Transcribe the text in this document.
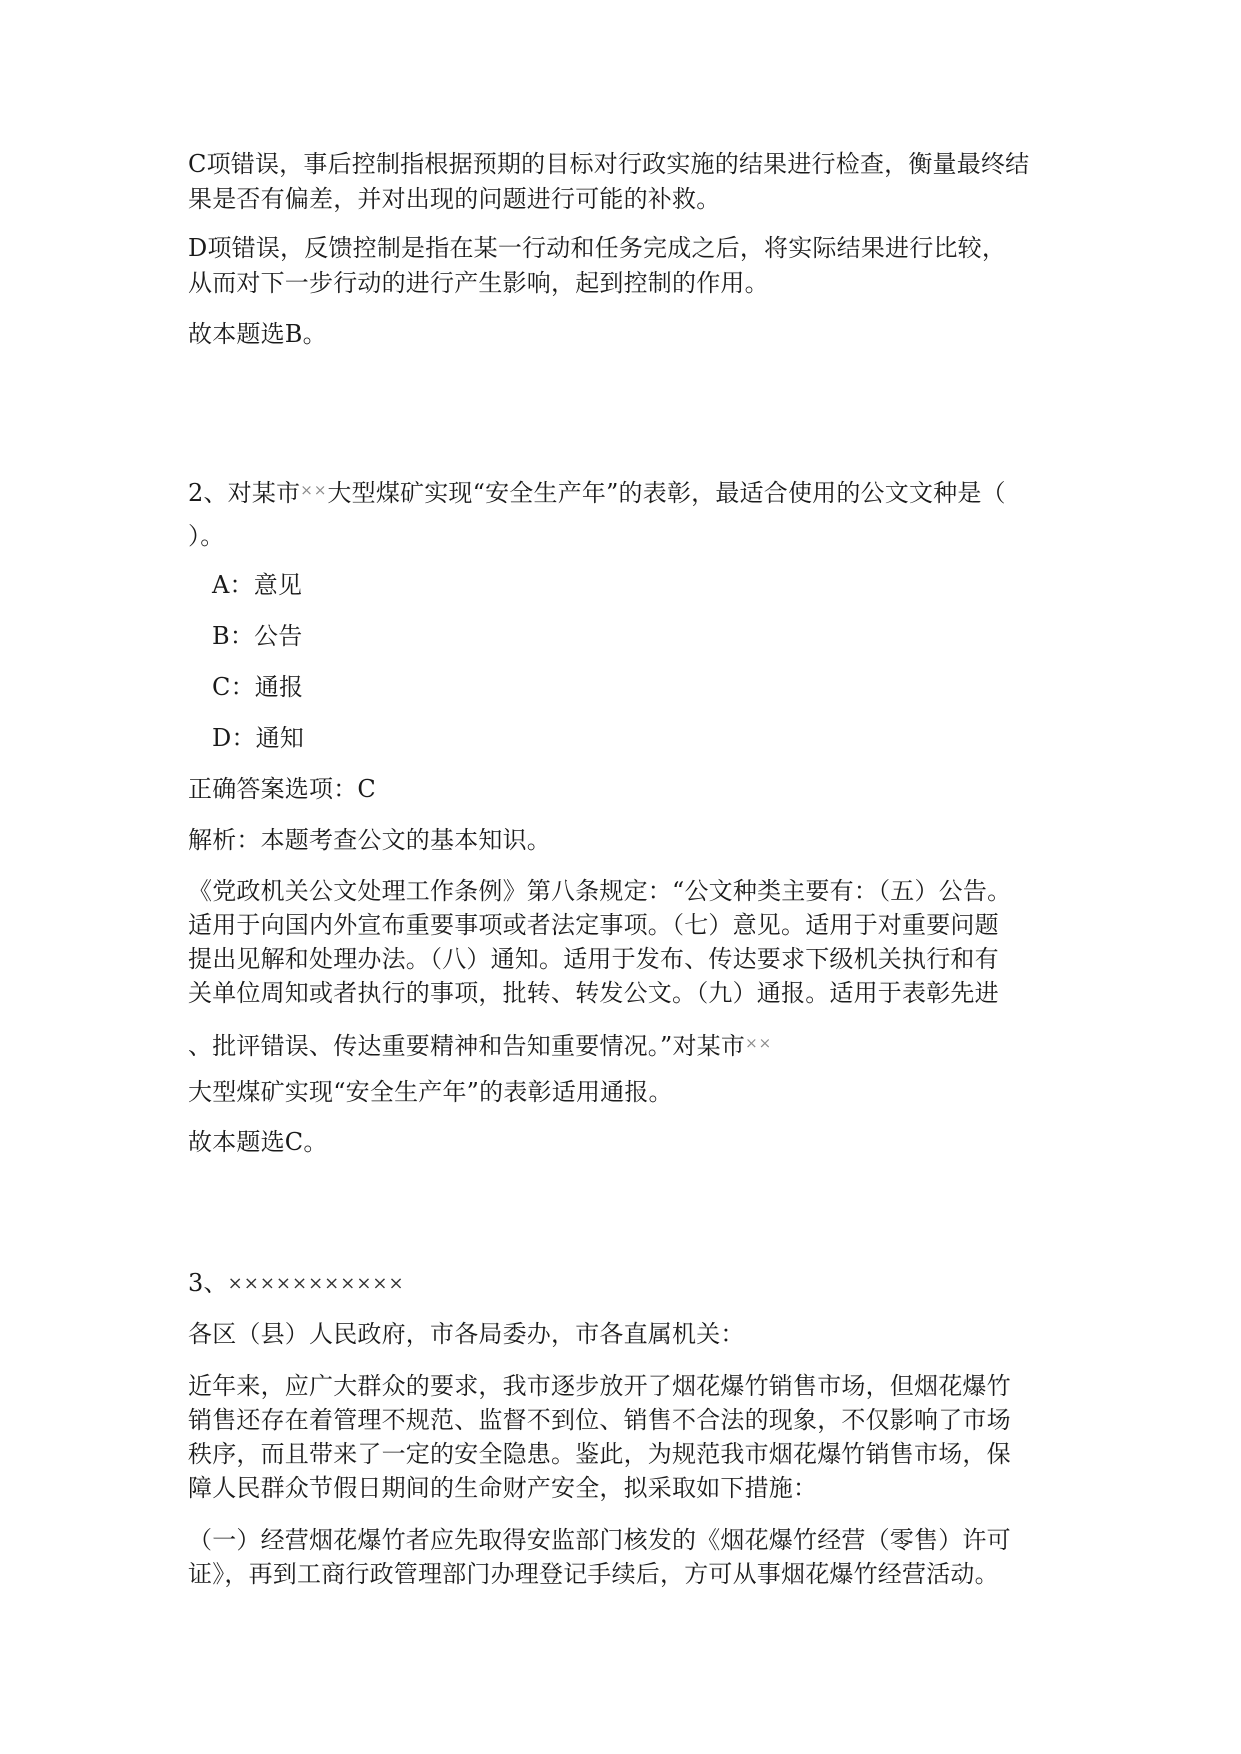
C项错误，事后控制指根据预期的目标对行政实施的结果进行检查，衡量最终结
果是否有偏差，并对出现的问题进行可能的补救。
D项错误，反馈控制是指在某一行动和任务完成之后，将实际结果进行比较，
从而对下一步行动的进行产生影响，起到控制的作用。
故本题选B。
2、对某市××大型煤矿实现“安全生产年”的表彰，最适合使用的公文文种是（
）。
A：意见
B：公告
C：通报
D：通知
正确答案选项：C
解析：本题考查公文的基本知识。
《党政机关公文处理工作条例》第八条规定：“公文种类主要有：（五）公告。
适用于向国内外宣布重要事项或者法定事项。（七）意见。适用于对重要问题
提出见解和处理办法。（八）通知。适用于发布、传达要求下级机关执行和有
关单位周知或者执行的事项，批转、转发公文。（九）通报。适用于表彰先进
、批评错误、传达重要精神和告知重要情况。”对某市××
大型煤矿实现“安全生产年”的表彰适用通报。
故本题选C。
3、×××××××××××
各区（县）人民政府，市各局委办，市各直属机关：
近年来，应广大群众的要求，我市逐步放开了烟花爆竹销售市场，但烟花爆竹
销售还存在着管理不规范、监督不到位、销售不合法的现象，不仅影响了市场
秩序，而且带来了一定的安全隐患。鉴此，为规范我市烟花爆竹销售市场，保
障人民群众节假日期间的生命财产安全，拟采取如下措施：
（一）经营烟花爆竹者应先取得安监部门核发的《烟花爆竹经营（零售）许可
证》，再到工商行政管理部门办理登记手续后，方可从事烟花爆竹经营活动。
